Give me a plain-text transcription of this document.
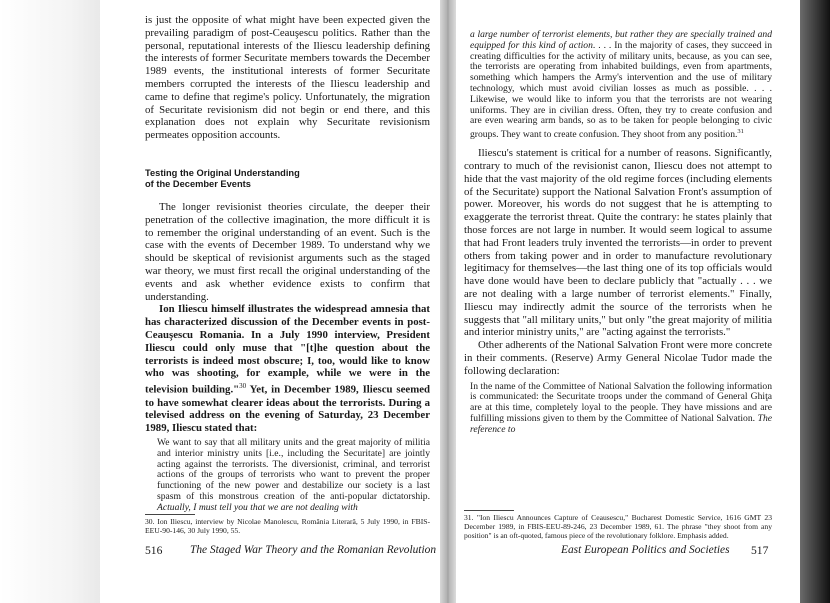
is just the opposite of what might have been expected given the prevailing paradigm of post-Ceauşescu politics. Rather than the personal, reputational interests of the Iliescu leadership defining the interests of former Securitate members towards the December 1989 events, the institutional interests of former Securitate members corrupted the interests of the Iliescu leadership and came to define that regime's policy. Unfortunately, the migration of Securitate revisionism did not begin or end there, and this explanation does not explain why Securitate revisionism permeates opposition accounts.

Testing the Original Understanding

of the December Events

The longer revisionist theories circulate, the deeper their penetration of the collective imagination, the more difficult it is to remember the original understanding of an event. Such is the case with the events of December 1989. To understand why we should be skeptical of revisionist arguments such as the staged war theory, we must first recall the original understanding of the events and ask whether evidence exists to confirm that understanding.

Ion Iliescu himself illustrates the widespread amnesia that has characterized discussion of the December events in post-Ceauşescu Romania. In a July 1990 interview, President Iliescu could only muse that "[t]he question about the terrorists is indeed most obscure; I, too, would like to know who was shooting, for example, while we were in the television building."$^{30}$ Yet, in December 1989, Iliescu seemed to have somewhat clearer ideas about the terrorists. During a televised address on the evening of Saturday, 23 December 1989, Iliescu stated that:

We want to say that all military units and the great majority of militia and interior ministry units [i.e., including the Securitate] are jointly acting against the terrorists. The diversionist, criminal, and terrorist actions of the groups of terrorists who want to prevent the proper functioning of the new power and destabilize our society is a last spasm of this monstrous creation of the anti-popular dictatorship. Actually, I must tell you that we are not dealing with

30. Ion Iliescu, interview by Nicolae Manolescu, România Literară, 5 July 1990, in FBIS-EEU-90-146, 30 July 1990, 55.

516 The Staged War Theory and the Romanian Revolution

a large number of terrorist elements, but rather they are specially trained and equipped for this kind of action. . . . In the majority of cases, they succeed in creating difficulties for the activity of military units, because, as you can see, the terrorists are operating from inhabited buildings, even from apartments, something which hampers the Army's intervention and the use of military technology, which must avoid civilian losses as much as possible. . . . Likewise, we would like to inform you that the terrorists are not wearing uniforms. They are in civilian dress. Often, they try to create confusion and are even wearing arm bands, so as to be taken for people belonging to civic groups. They want to create confusion. They shoot from any position.$^{31}$

Iliescu's statement is critical for a number of reasons. Significantly, contrary to much of the revisionist canon, Iliescu does not attempt to hide that the vast majority of the old regime forces (including elements of the Securitate) support the National Salvation Front's assumption of power. Moreover, his words do not suggest that he is attempting to exaggerate the terrorist threat. Quite the contrary: he states plainly that those forces are not large in number. It would seem logical to assume that had Front leaders truly invented the terrorists—in order to prevent others from taking power and in order to manufacture revolutionary legitimacy for themselves—the last thing one of its top officials would have done would have been to declare publicly that "actually . . . we are not dealing with a large number of terrorist elements." Finally, Iliescu may indirectly admit the source of the terrorists when he suggests that "all military units," but only "the great majority of militia and interior ministry units," are "acting against the terrorists."

Other adherents of the National Salvation Front were more concrete in their comments. (Reserve) Army General Nicolae Tudor made the following declaration:

In the name of the Committee of National Salvation the following information is communicated: the Securitate troops under the command of General Ghiţa are at this time, completely loyal to the people. They have missions and are fulfilling missions given to them by the Committee of National Salvation. The reference to

31. "Ion Iliescu Announces Capture of Ceausescu," Bucharest Domestic Service, 1616 GMT 23 December 1989, in FBIS-EEU-89-246, 23 December 1989, 61. The phrase "they shoot from any position" is an oft-quoted, famous piece of the revolutionary folklore. Emphasis added.

East European Politics and Societies 517
